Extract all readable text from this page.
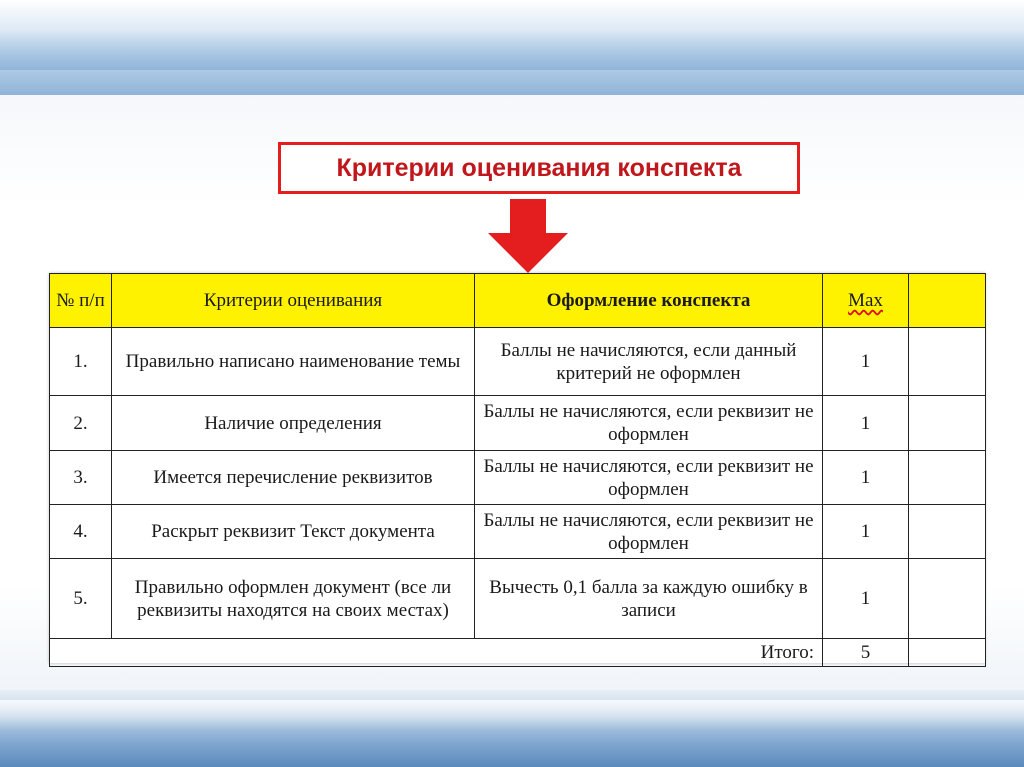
Критерии оценивания конспекта
№ п/п	Критерии оценивания	Оформление конспекта	Max	
1.	Правильно написано наименование темы	Баллы не начисляются, если данный критерий не оформлен	1	
2.	Наличие определения	Баллы не начисляются, если реквизит не оформлен	1	
3.	Имеется перечисление реквизитов	Баллы не начисляются, если реквизит не оформлен	1	
4.	Раскрыт реквизит Текст документа	Баллы не начисляются, если реквизит не оформлен	1	
5.	Правильно оформлен документ (все ли реквизиты находятся на своих местах)	Вычесть 0,1 балла за каждую ошибку в записи	1	
Итого:			5	
